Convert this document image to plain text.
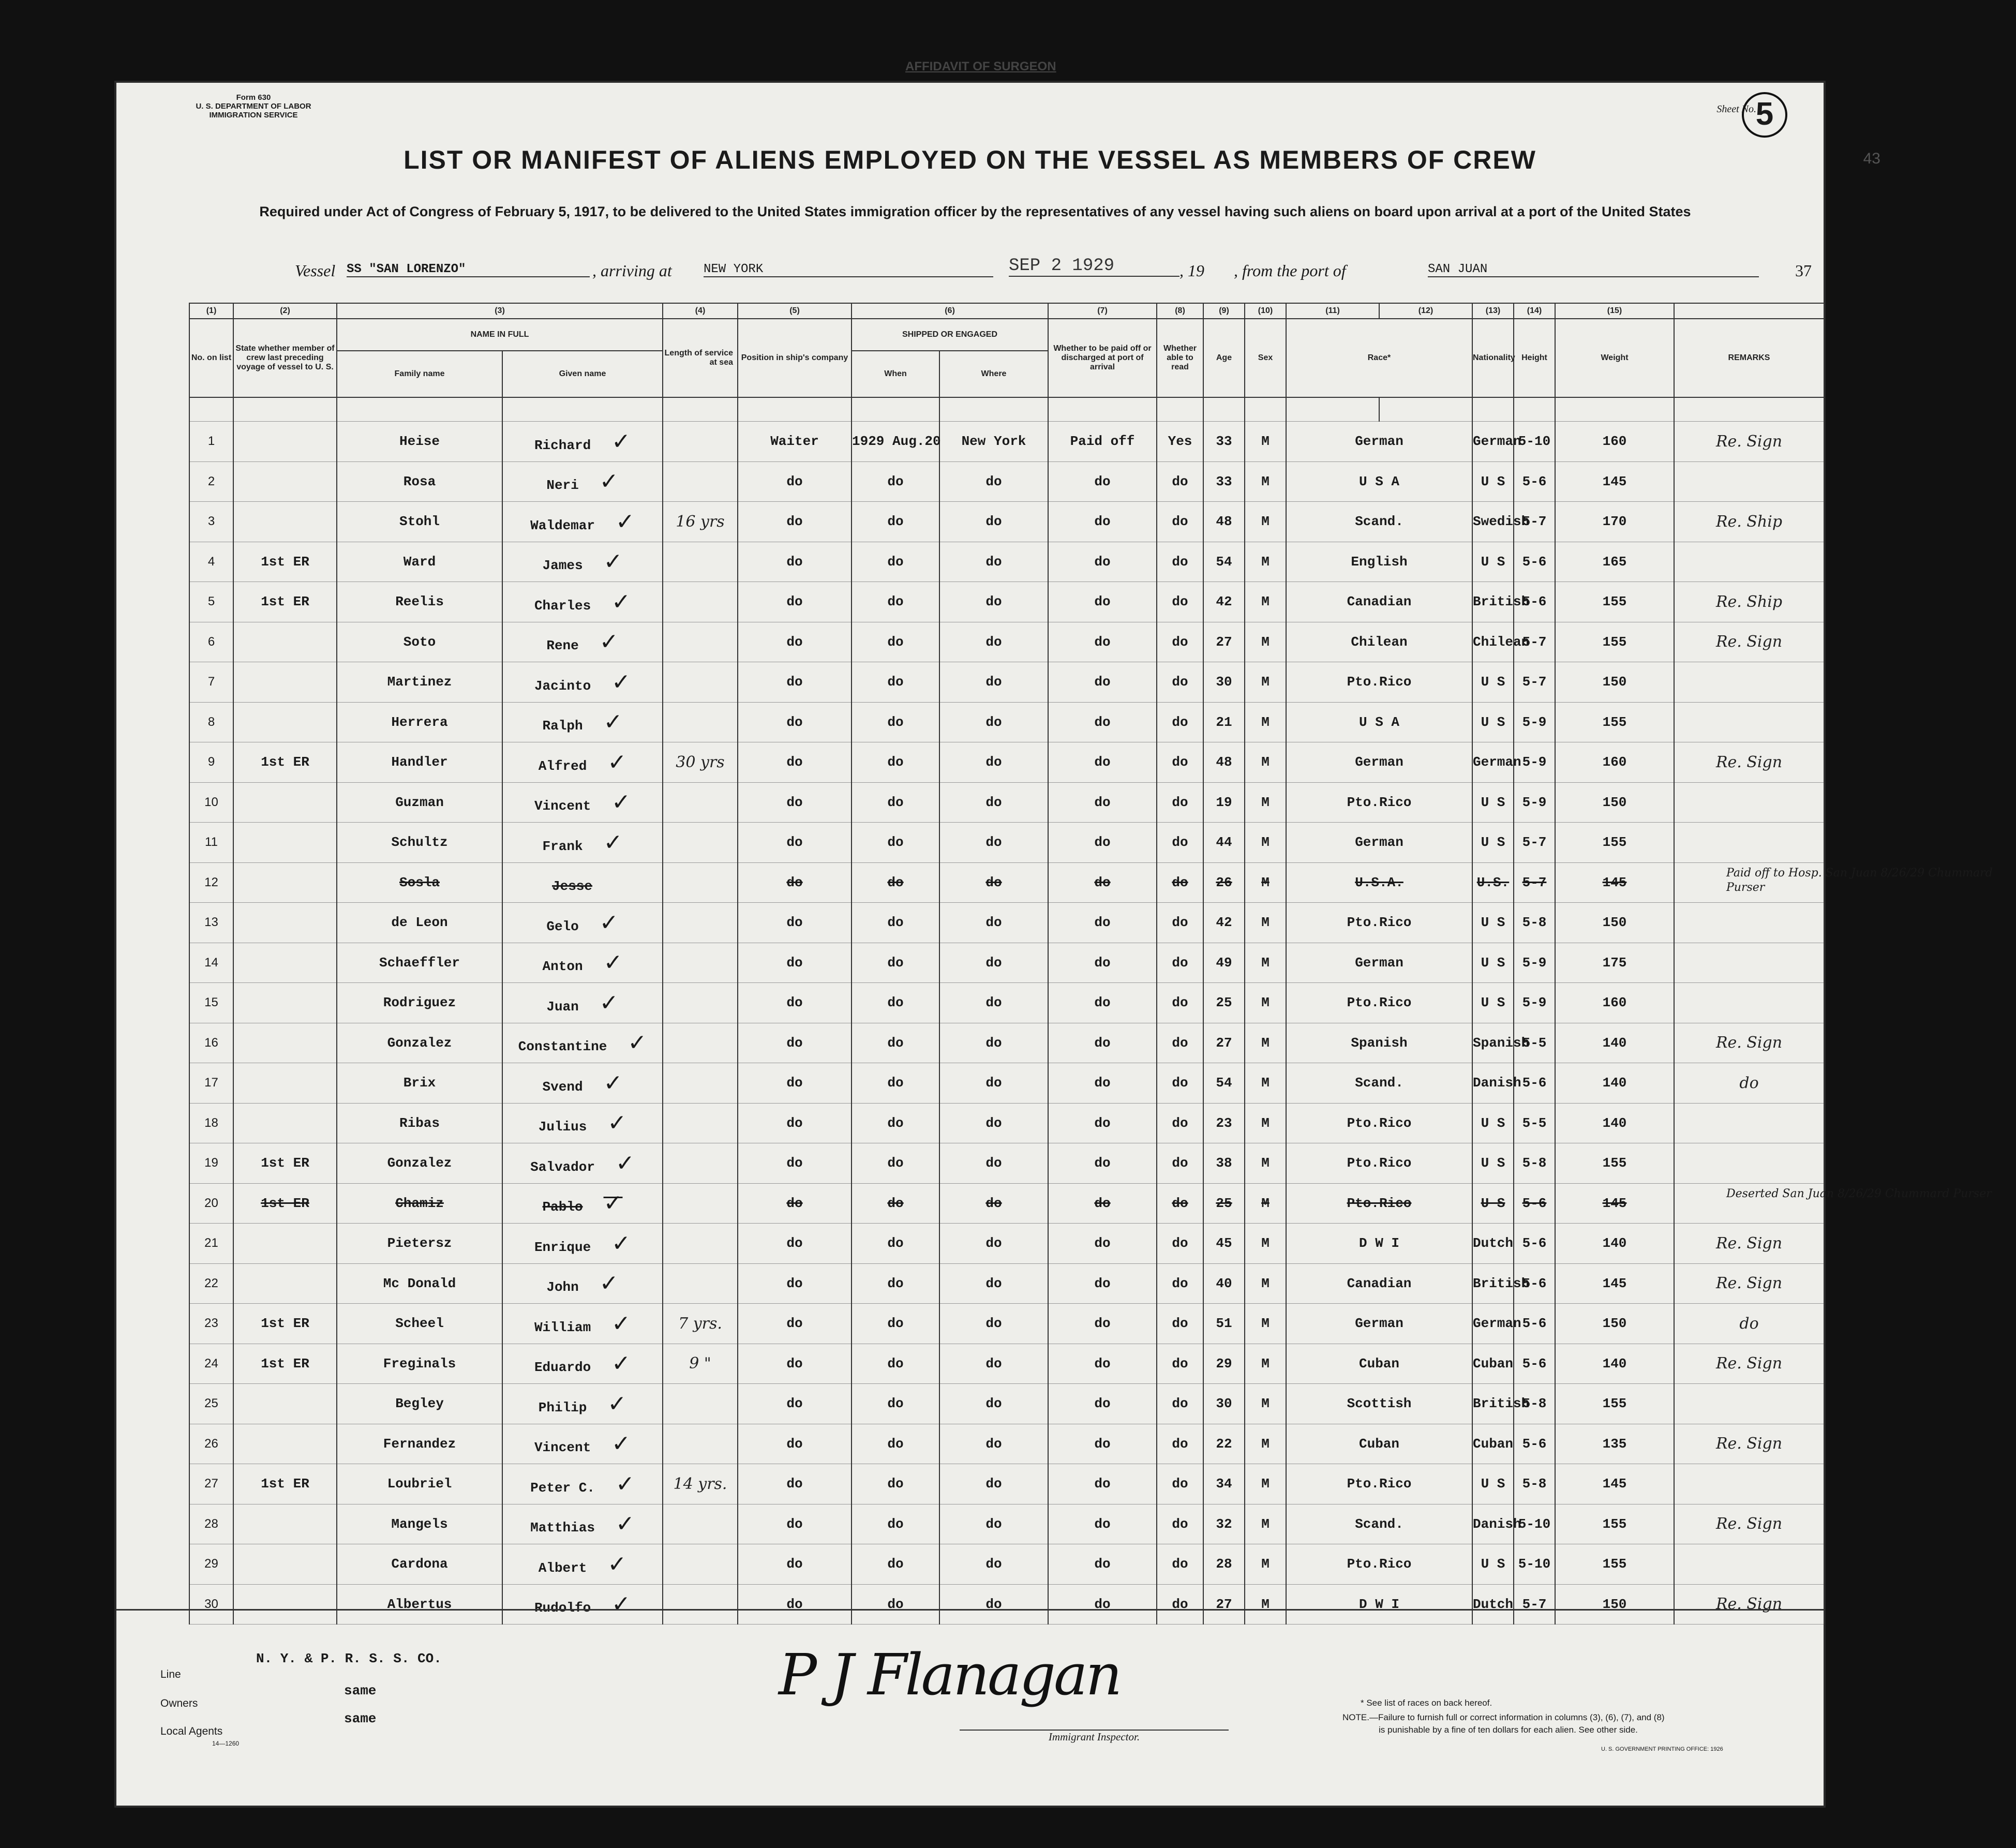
AFFIDAVIT OF SURGEON
Form 630
U. S. DEPARTMENT OF LABOR
IMMIGRATION SERVICE
Sheet No.
5
43
LIST OR MANIFEST OF ALIENS EMPLOYED ON THE VESSEL AS MEMBERS OF CREW
Required under Act of Congress of February 5, 1917, to be delivered to the United States immigration officer by the representatives of any vessel having such aliens on board upon arrival at a port of the United States
Vessel SS "SAN LORENZO"	, arriving at	NEW YORK	SEP 2 1929	, 19 , from the port of	SAN JUAN	37
(1)	(2)	(3)		(4)	(5)	(6)		(7)	(8)	(9)	(10)	(11)	(12)	(13)	(14)	(15)		
No. on list	State whether member of crew last preceding voyage of vessel to U. S.	NAME IN FULL		Length of service at sea	Position in ship's company	SHIPPED OR ENGAGED		Whether to be paid off or discharged at port of arrival	Whether able to read	Age	Sex	Race*		Nationality	Height	Weight	REMARKS	
		Family name	Given name			When	Where											

1		Heise	Richard ✓		Waiter	1929 Aug.20	New York	Paid off	Yes	33	M	German		German	5-10	160	Re. Sign	

2		Rosa	Neri ✓		do	do	do	do	do	33	M	U S A		U S	5-6	145		

3		Stohl	Waldemar ✓	16 yrs	do	do	do	do	do	48	M	Scand.		Swedish	5-7	170	Re. Ship	

4	1st ER	Ward	James ✓		do	do	do	do	do	54	M	English		U S	5-6	165		

5	1st ER	Reelis	Charles ✓		do	do	do	do	do	42	M	Canadian		British	5-6	155	Re. Ship	

6		Soto	Rene ✓		do	do	do	do	do	27	M	Chilean		Chilean	5-7	155	Re. Sign	

7		Martinez	Jacinto ✓		do	do	do	do	do	30	M	Pto.Rico		U S	5-7	150		

8		Herrera	Ralph ✓		do	do	do	do	do	21	M	U S A		U S	5-9	155		

9	1st ER	Handler	Alfred ✓	30 yrs	do	do	do	do	do	48	M	German		German	5-9	160	Re. Sign	

10		Guzman	Vincent ✓		do	do	do	do	do	19	M	Pto.Rico		U S	5-9	150		

11		Schultz	Frank ✓		do	do	do	do	do	44	M	German		U S	5-7	155		

12		Sosla	Jesse		do	do	do	do	do	26	M	U.S.A.		U.S.	5-7	145		Paid off to Hosp. San Juan 8/26/29 Chummard Purser

13		de Leon	Gelo ✓		do	do	do	do	do	42	M	Pto.Rico		U S	5-8	150		

14		Schaeffler	Anton ✓		do	do	do	do	do	49	M	German		U S	5-9	175		

15		Rodriguez	Juan ✓		do	do	do	do	do	25	M	Pto.Rico		U S	5-9	160		

16		Gonzalez	Constantine ✓		do	do	do	do	do	27	M	Spanish		Spanish	5-5	140	Re. Sign	

17		Brix	Svend ✓		do	do	do	do	do	54	M	Scand.		Danish	5-6	140	do	

18		Ribas	Julius ✓		do	do	do	do	do	23	M	Pto.Rico		U S	5-5	140		

19	1st ER	Gonzalez	Salvador ✓		do	do	do	do	do	38	M	Pto.Rico		U S	5-8	155		

20	1st ER	Chamiz	Pablo ✓		do	do	do	do	do	25	M	Pto.Rico		U S	5-6	145		Deserted San Juan 8/26/29 Chummard Purser

21		Pietersz	Enrique ✓		do	do	do	do	do	45	M	D W I		Dutch	5-6	140	Re. Sign	

22		Mc Donald	John ✓		do	do	do	do	do	40	M	Canadian		British	5-6	145	Re. Sign	

23	1st ER	Scheel	William ✓	7 yrs.	do	do	do	do	do	51	M	German		German	5-6	150	do	

24	1st ER	Freginals	Eduardo ✓	9 "	do	do	do	do	do	29	M	Cuban		Cuban	5-6	140	Re. Sign	

25		Begley	Philip ✓		do	do	do	do	do	30	M	Scottish		British	5-8	155		

26		Fernandez	Vincent ✓		do	do	do	do	do	22	M	Cuban		Cuban	5-6	135	Re. Sign	

27	1st ER	Loubriel	Peter C. ✓	14 yrs.	do	do	do	do	do	34	M	Pto.Rico		U S	5-8	145		

28		Mangels	Matthias ✓		do	do	do	do	do	32	M	Scand.		Danish	5-10	155	Re. Sign	

29		Cardona	Albert ✓		do	do	do	do	do	28	M	Pto.Rico		U S	5-10	155		

30		Albertus	Rudolfo ✓		do	do	do	do	do	27	M	D W I		Dutch	5-7	150	Re. Sign	
Line
N. Y. & P. R. S. S. CO.
Owners
same
Local Agents
same
14—1260
P J Flanagan
Immigrant Inspector.
* See list of races on back hereof.
NOTE.—Failure to furnish full or correct information in columns (3), (6), (7), and (8)
is punishable by a fine of ten dollars for each alien. See other side.
U. S. GOVERNMENT PRINTING OFFICE: 1926
